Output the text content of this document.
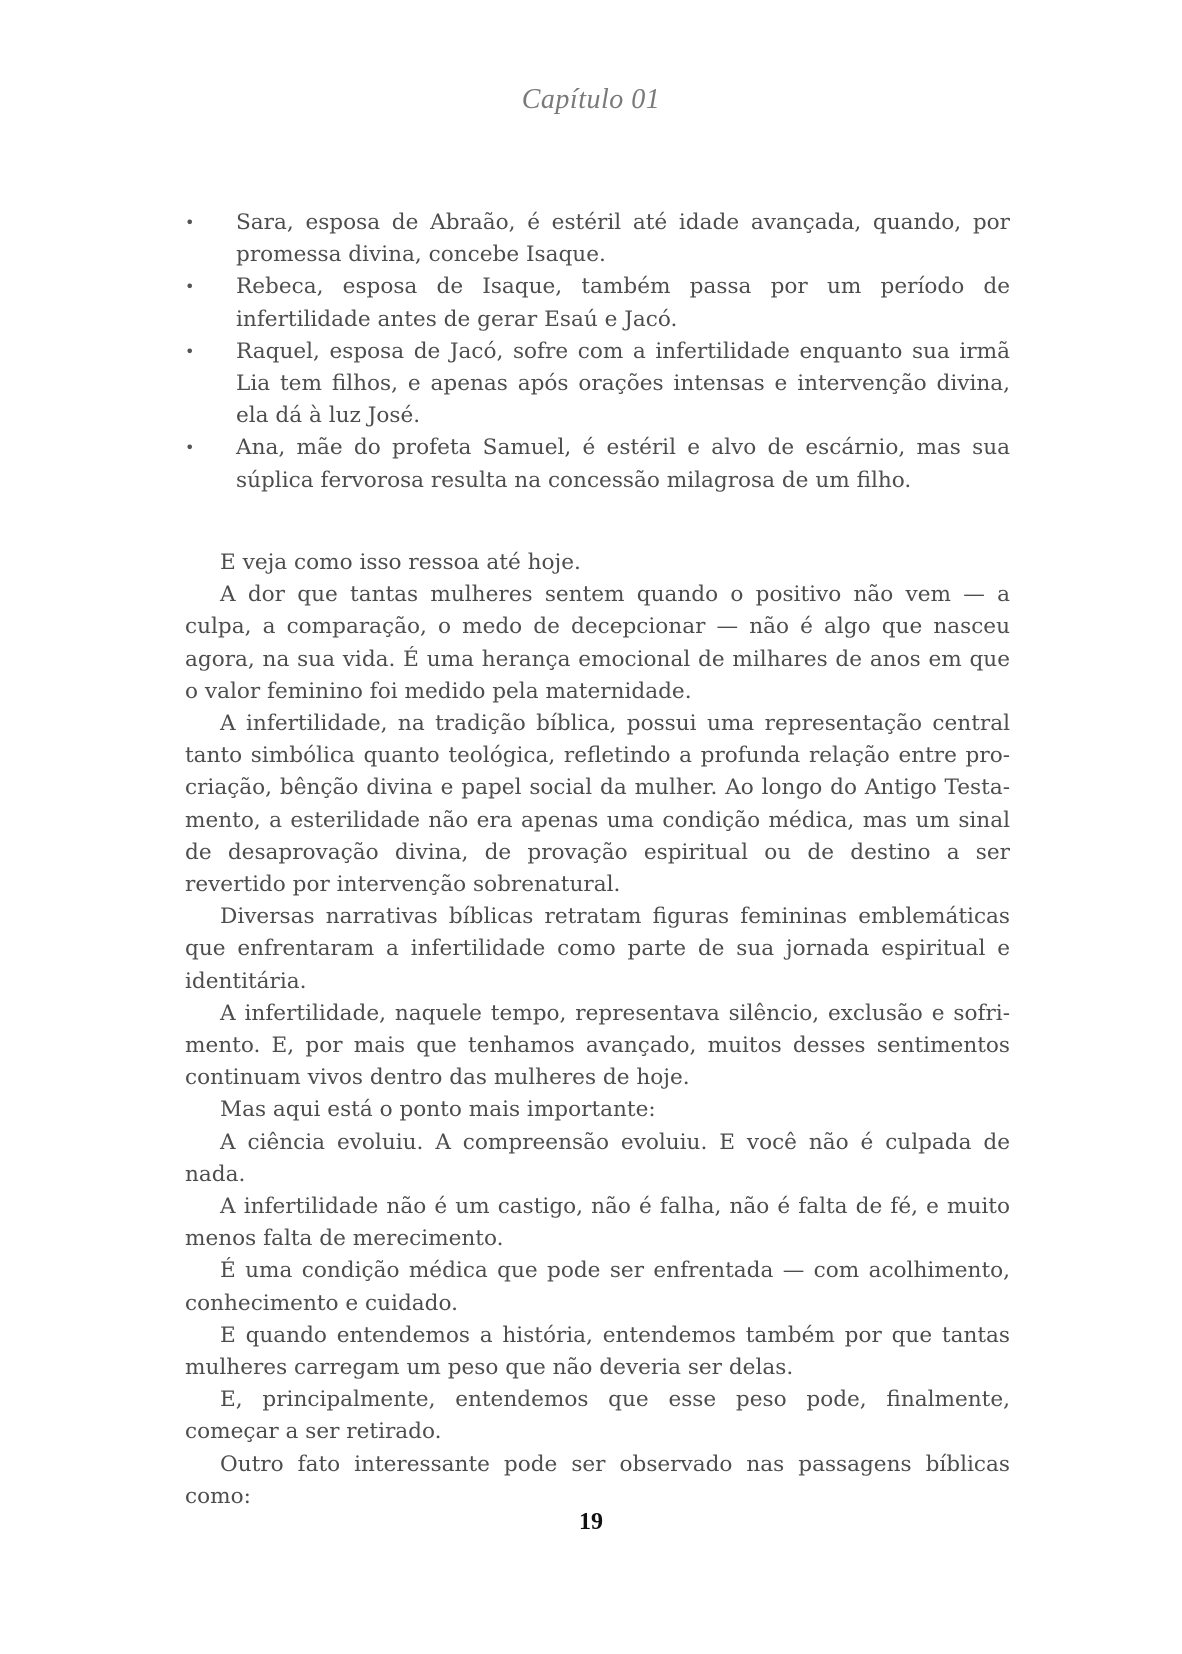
Capítulo 01
• Sara, esposa de Abraão, é estéril até idade avançada, quando, por promessa divina, concebe Isaque.
• Rebeca, esposa de Isaque, também passa por um período de infertilidade antes de gerar Esaú e Jacó.
• Raquel, esposa de Jacó, sofre com a infertilidade enquanto sua irmã Lia tem filhos, e apenas após orações intensas e intervenção divina, ela dá à luz José.
• Ana, mãe do profeta Samuel, é estéril e alvo de escárnio, mas sua súplica fervorosa resulta na concessão milagrosa de um filho.

E veja como isso ressoa até hoje.

A dor que tantas mulheres sentem quando o positivo não vem — a culpa, a comparação, o medo de decepcionar — não é algo que nasceu agora, na sua vida. É uma herança emocional de milhares de anos em que o valor feminino foi medido pela maternidade.

A infertilidade, na tradição bíblica, possui uma representação central tanto simbólica quanto teológica, refletindo a profunda relação entre procriação, bênção divina e papel social da mulher. Ao longo do Antigo Testamento, a esterilidade não era apenas uma condição médica, mas um sinal de desaprovação divina, de provação espiritual ou de destino a ser revertido por intervenção sobrenatural.

Diversas narrativas bíblicas retratam figuras femininas emblemáticas que enfrentaram a infertilidade como parte de sua jornada espiritual e identitária.

A infertilidade, naquele tempo, representava silêncio, exclusão e sofrimento. E, por mais que tenhamos avançado, muitos desses sentimentos continuam vivos dentro das mulheres de hoje.

Mas aqui está o ponto mais importante:

A ciência evoluiu. A compreensão evoluiu. E você não é culpada de nada.

A infertilidade não é um castigo, não é falha, não é falta de fé, e muito menos falta de merecimento.

É uma condição médica que pode ser enfrentada — com acolhimento, conhecimento e cuidado.

E quando entendemos a história, entendemos também por que tantas mulheres carregam um peso que não deveria ser delas.

E, principalmente, entendemos que esse peso pode, finalmente, começar a ser retirado.

Outro fato interessante pode ser observado nas passagens bíblicas como:

19
